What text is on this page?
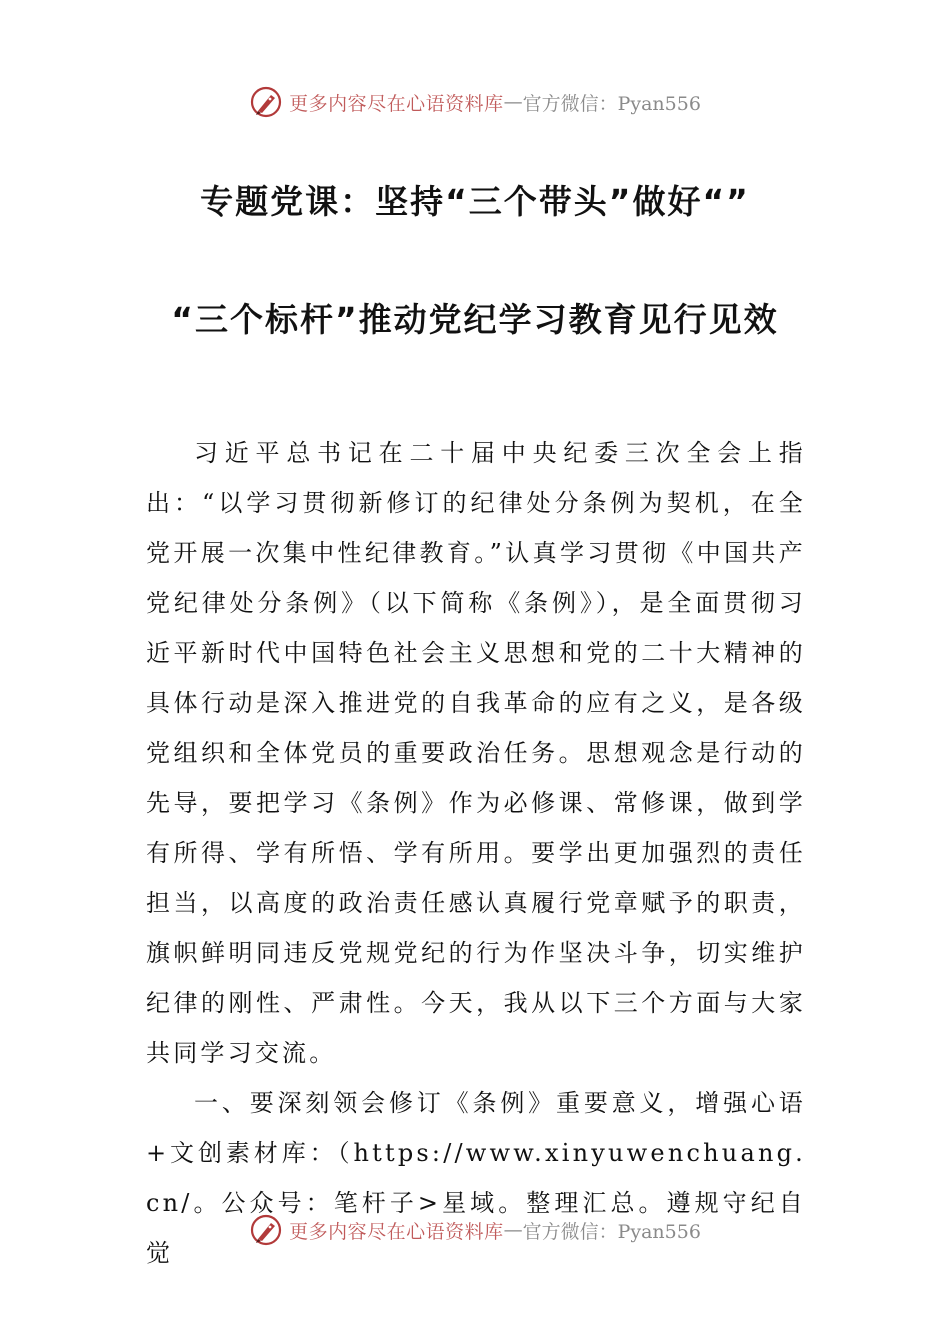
更多内容尽在心语资料库 — 官方微信：Pyan556
专题党课：坚持“三个带头”做好“”
“三个标杆”推动党纪学习教育见行见效

习近平总书记在二十届中央纪委三次全会上指出：“以学习贯彻新修订的纪律处分条例为契机，在全党开展一次集中性纪律教育。”认真学习贯彻《中国共产党纪律处分条例》（以下简称《条例》），是全面贯彻习近平新时代中国特色社会主义思想和党的二十大精神的具体行动是深入推进党的自我革命的应有之义，是各级党组织和全体党员的重要政治任务。思想观念是行动的先导，要把学习《条例》作为必修课、常修课，做到学有所得、学有所悟、学有所用。要学出更加强烈的责任担当，以高度的政治责任感认真履行党章赋予的职责，旗帜鲜明同违反党规党纪的行为作坚决斗争，切实维护纪律的刚性、严肃性。今天，我从以下三个方面与大家共同学习交流。

一、要深刻领会修订《条例》重要意义，增强心语+文创素材库：（https://www.xinyuwenchuang.cn/。公众号：笔杆子>星域。整理汇总。遵规守纪自觉

更多内容尽在心语资料库 — 官方微信：Pyan556
